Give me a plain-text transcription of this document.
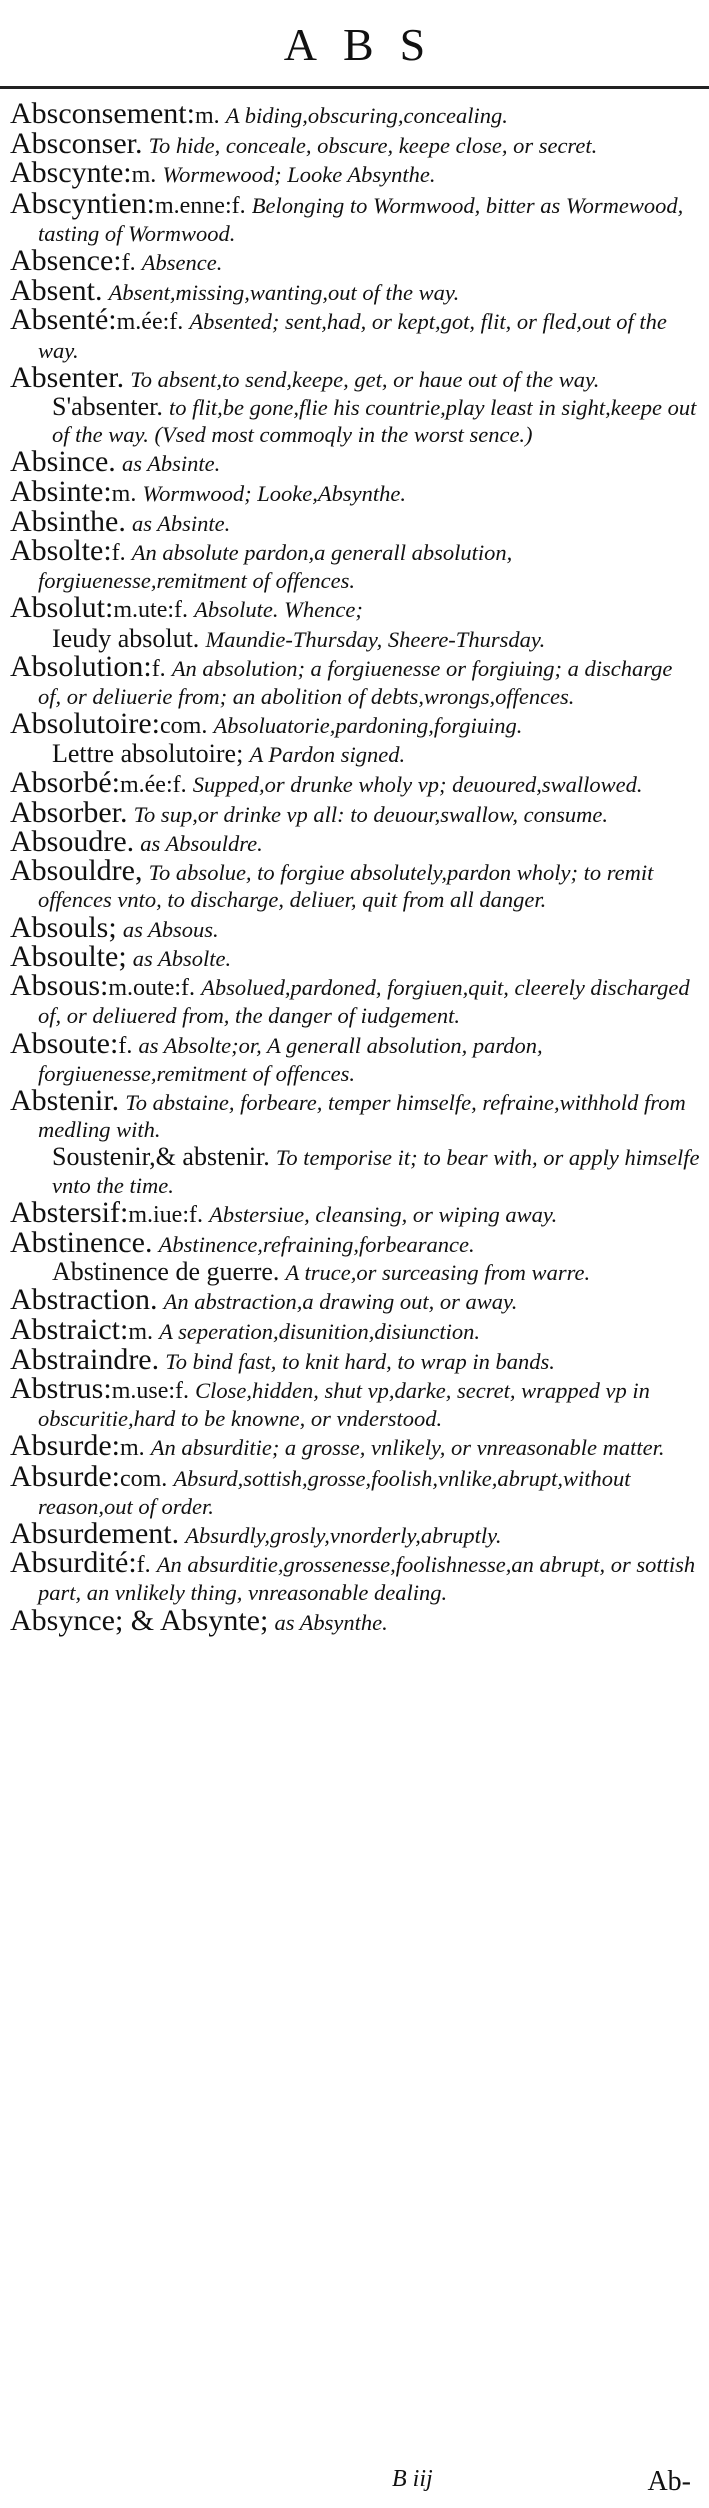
ABS

Absconsement:m. A biding,obscuring,concealing.

Absconser. To hide, conceale, obscure, keepe close, or secret.

Abscynte:m. Wormewood; Looke Absynthe.

Abscyntien:m.enne:f. Belonging to Wormwood, bitter as Wormewood, tasting of Wormwood.

Absence:f. Absence.

Absent. Absent,missing,wanting,out of the way.

Absenté:m.ée:f. Absented; sent,had, or kept,got, flit, or fled,out of the way.

Absenter. To absent,to send,keepe, get, or haue out of the way.

S'absenter. to flit,be gone,flie his countrie,play least in sight,keepe out of the way. (Vsed most commoqly in the worst sence.)

Absince. as Absinte.

Absinte:m. Wormwood; Looke,Absynthe.

Absinthe. as Absinte.

Absolte:f. An absolute pardon,a generall absolution, forgiuenesse,remitment of offences.

Absolut:m.ute:f. Absolute. Whence;

Ieudy absolut. Maundie-Thursday, Sheere-Thursday.

Absolution:f. An absolution; a forgiuenesse or forgiuing; a discharge of, or deliuerie from; an abolition of debts,wrongs,offences.

Absolutoire:com. Absoluatorie,pardoning,forgiuing.

Lettre absolutoire; A Pardon signed.

Absorbé:m.ée:f. Supped,or drunke wholy vp; deuoured,swallowed.

Absorber. To sup,or drinke vp all: to deuour,swallow, consume.

Absoudre. as Absouldre.

Absouldre, To absolue, to forgiue absolutely,pardon wholy; to remit offences vnto, to discharge, deliuer, quit from all danger.

Absouls; as Absous.

Absoulte; as Absolte.

Absous:m.oute:f. Absolued,pardoned, forgiuen,quit, cleerely discharged of, or deliuered from, the danger of iudgement.

Absoute:f. as Absolte;or, A generall absolution, pardon, forgiuenesse,remitment of offences.

Abstenir. To abstaine, forbeare, temper himselfe, refraine,withhold from medling with.

Soustenir,& abstenir. To temporise it; to bear with, or apply himselfe vnto the time.

Abstersif:m.iue:f. Abstersiue, cleansing, or wiping away.

Abstinence. Abstinence,refraining,forbearance.

Abstinence de guerre. A truce,or surceasing from warre.

Abstraction. An abstraction,a drawing out, or away.

Abstraict:m. A seperation,disunition,disiunction.

Abstraindre. To bind fast, to knit hard, to wrap in bands.

Abstrus:m.use:f. Close,hidden, shut vp,darke, secret, wrapped vp in obscuritie,hard to be knowne, or vnderstood.

Absurde:m. An absurditie; a grosse, vnlikely, or vnreasonable matter.

Absurde:com. Absurd,sottish,grosse,foolish,vnlike,abrupt,without reason,out of order.

Absurdement. Absurdly,grosly,vnorderly,abruptly.

Absurdité:f. An absurditie,grossenesse,foolishnesse,an abrupt, or sottish part, an vnlikely thing, vnreasonable dealing.

Absynce; & Absynte; as Absynthe.

B iij	Ab-
